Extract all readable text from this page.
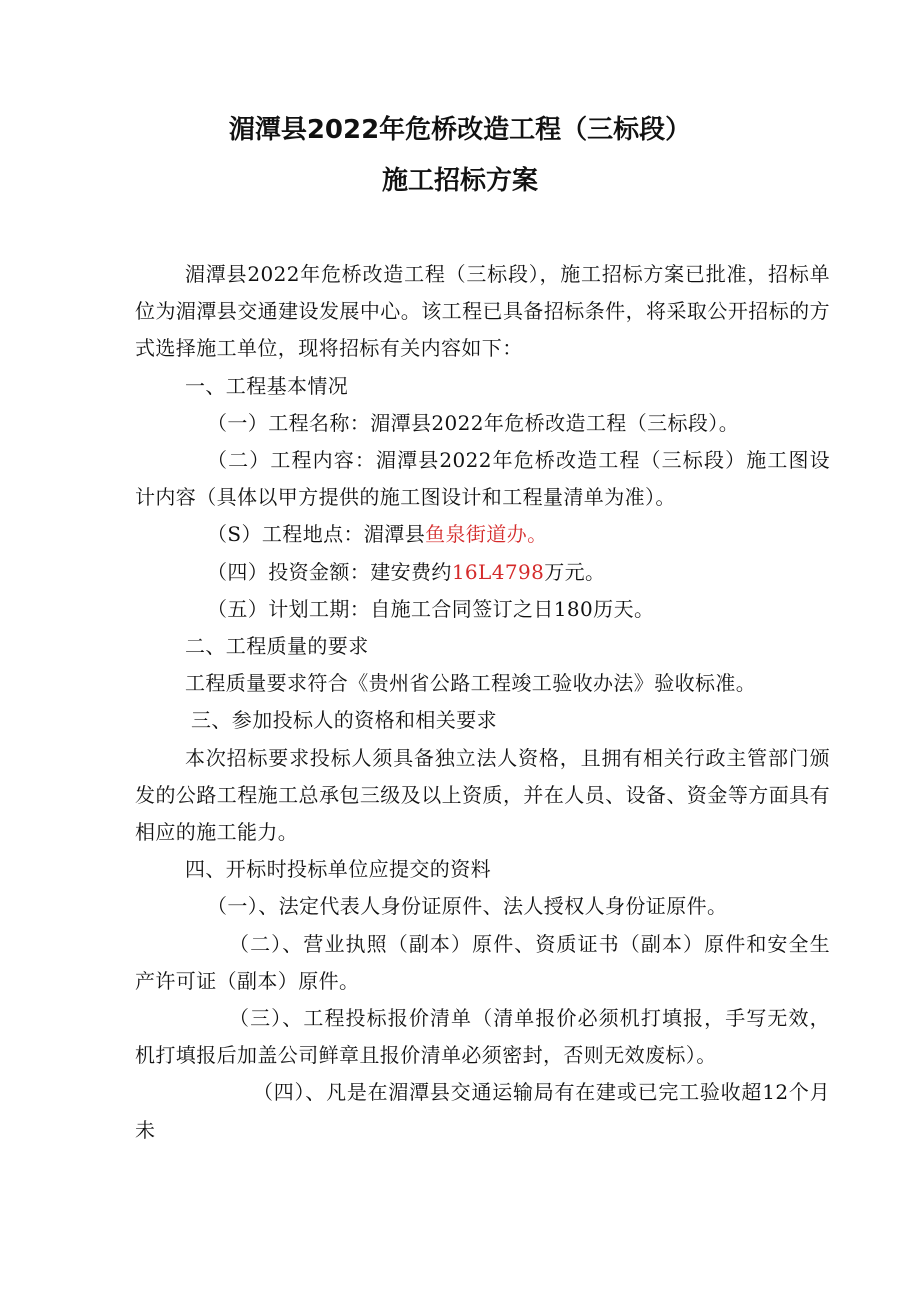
湄潭县2022年危桥改造工程（三标段）
施工招标方案

湄潭县2022年危桥改造工程（三标段），施工招标方案已批准，招标单位为湄潭县交通建设发展中心。该工程已具备招标条件，将采取公开招标的方式选择施工单位，现将招标有关内容如下：

一、工程基本情况

（一）工程名称：湄潭县2022年危桥改造工程（三标段）。

（二）工程内容：湄潭县2022年危桥改造工程（三标段）施工图设计内容（具体以甲方提供的施工图设计和工程量清单为准）。

（S）工程地点：湄潭县鱼泉街道办。

（四）投资金额：建安费约16L4798万元。

（五）计划工期：自施工合同签订之日180历天。

二、工程质量的要求

工程质量要求符合《贵州省公路工程竣工验收办法》验收标准。

三、参加投标人的资格和相关要求

本次招标要求投标人须具备独立法人资格，且拥有相关行政主管部门颁发的公路工程施工总承包三级及以上资质，并在人员、设备、资金等方面具有相应的施工能力。

四、开标时投标单位应提交的资料

（一）、法定代表人身份证原件、法人授权人身份证原件。

（二）、营业执照（副本）原件、资质证书（副本）原件和安全生产许可证（副本）原件。

（三）、工程投标报价清单（清单报价必须机打填报，手写无效，机打填报后加盖公司鲜章且报价清单必须密封，否则无效废标）。

（四）、凡是在湄潭县交通运输局有在建或已完工验收超12个月未
